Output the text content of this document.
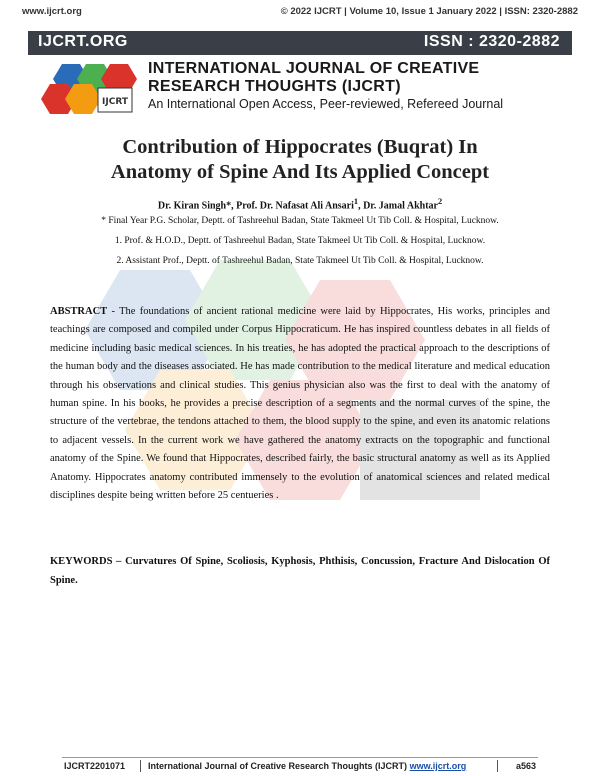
www.ijcrt.org	© 2022 IJCRT | Volume 10, Issue 1 January 2022 | ISSN: 2320-2882
IJCRT.ORG	ISSN : 2320-2882
IJCRT
INTERNATIONAL JOURNAL OF CREATIVE
RESEARCH THOUGHTS (IJCRT)
An International Open Access, Peer-reviewed, Refereed Journal
Contribution of Hippocrates (Buqrat) In
Anatomy of Spine And Its Applied Concept
Dr. Kiran Singh*, Prof. Dr. Nafasat Ali Ansari$^1$, Dr. Jamal Akhtar$^2$
* Final Year P.G. Scholar, Deptt. of Tashreehul Badan, State Takmeel Ut Tib Coll. & Hospital, Lucknow.
1. Prof. & H.O.D., Deptt. of Tashreehul Badan, State Takmeel Ut Tib Coll. & Hospital, Lucknow.
2. Assistant Prof., Deptt. of Tashreehul Badan, State Takmeel Ut Tib Coll. & Hospital, Lucknow.
ABSTRACT - The foundations of ancient rational medicine were laid by Hippocrates, His works, principles and teachings are composed and compiled under Corpus Hippocraticum. He has inspired countless debates in all fields of medicine including basic medical sciences. In his treaties, he has adopted the practical approach to the descriptions of the human body and the diseases associated. He has made contribution to the medical literature and medical education through his observations and clinical studies. This genius physician also was the first to deal with the anatomy of human spine. In his books, he provides a precise description of a segments and the normal curves of the spine, the structure of the vertebrae, the tendons attached to them, the blood supply to the spine, and even its anatomic relations to adjacent vessels. In the current work we have gathered the anatomy extracts on the topographic and functional anatomy of the Spine. We found that Hippocrates, described fairly, the basic structural anatomy as well as its Applied Anatomy. Hippocrates anatomy contributed immensely to the evolution of anatomical sciences and related medical disciplines despite being written before 25 centueries .
KEYWORDS – Curvatures Of Spine, Scoliosis, Kyphosis, Phthisis, Concussion, Fracture And Dislocation Of Spine.
IJCRT2201071	International Journal of Creative Research Thoughts (IJCRT) www.ijcrt.org	a563
